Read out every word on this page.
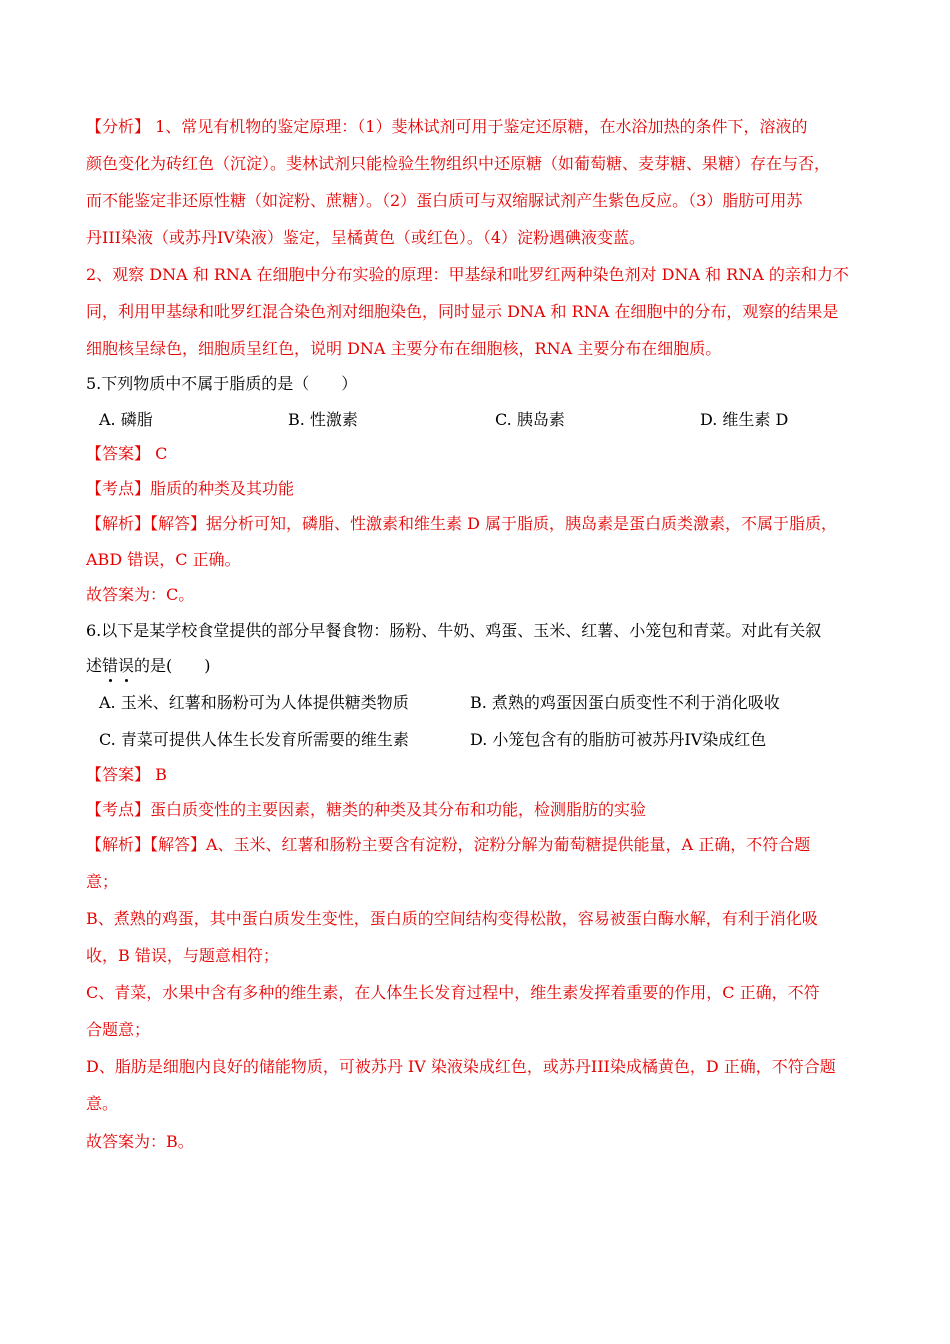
【分析】 1、常见有机物的鉴定原理：（1）斐林试剂可用于鉴定还原糖，在水浴加热的条件下，溶液的
颜色变化为砖红色（沉淀）。斐林试剂只能检验生物组织中还原糖（如葡萄糖、麦芽糖、果糖）存在与否，
而不能鉴定非还原性糖（如淀粉、蔗糖）。（2）蛋白质可与双缩脲试剂产生紫色反应。（3）脂肪可用苏
丹III染液（或苏丹IV染液）鉴定，呈橘黄色（或红色）。（4）淀粉遇碘液变蓝。
2、观察 DNA 和 RNA 在细胞中分布实验的原理：甲基绿和吡罗红两种染色剂对 DNA 和 RNA 的亲和力不
同，利用甲基绿和吡罗红混合染色剂对细胞染色，同时显示 DNA 和 RNA 在细胞中的分布，观察的结果是
细胞核呈绿色，细胞质呈红色，说明 DNA 主要分布在细胞核，RNA 主要分布在细胞质。
5.下列物质中不属于脂质的是（　　）
A. 磷脂	B. 性激素	C. 胰岛素	D. 维生素 D
【答案】 C
【考点】脂质的种类及其功能
【解析】【解答】据分析可知，磷脂、性激素和维生素 D 属于脂质，胰岛素是蛋白质类激素，不属于脂质，
ABD 错误，C 正确。
故答案为：C。
6.以下是某学校食堂提供的部分早餐食物：肠粉、牛奶、鸡蛋、玉米、红薯、小笼包和青菜。对此有关叙
述错误的是(　　)
A. 玉米、红薯和肠粉可为人体提供糖类物质	B. 煮熟的鸡蛋因蛋白质变性不利于消化吸收
C. 青菜可提供人体生长发育所需要的维生素	D. 小笼包含有的脂肪可被苏丹IV染成红色
【答案】 B
【考点】蛋白质变性的主要因素，糖类的种类及其分布和功能，检测脂肪的实验
【解析】【解答】A、玉米、红薯和肠粉主要含有淀粉，淀粉分解为葡萄糖提供能量，A 正确，不符合题
意；
B、煮熟的鸡蛋，其中蛋白质发生变性，蛋白质的空间结构变得松散，容易被蛋白酶水解，有利于消化吸
收，B 错误，与题意相符；
C、青菜，水果中含有多种的维生素，在人体生长发育过程中，维生素发挥着重要的作用，C 正确，不符
合题意；
D、脂肪是细胞内良好的储能物质，可被苏丹 IV 染液染成红色，或苏丹III染成橘黄色，D 正确，不符合题
意。
故答案为：B。
